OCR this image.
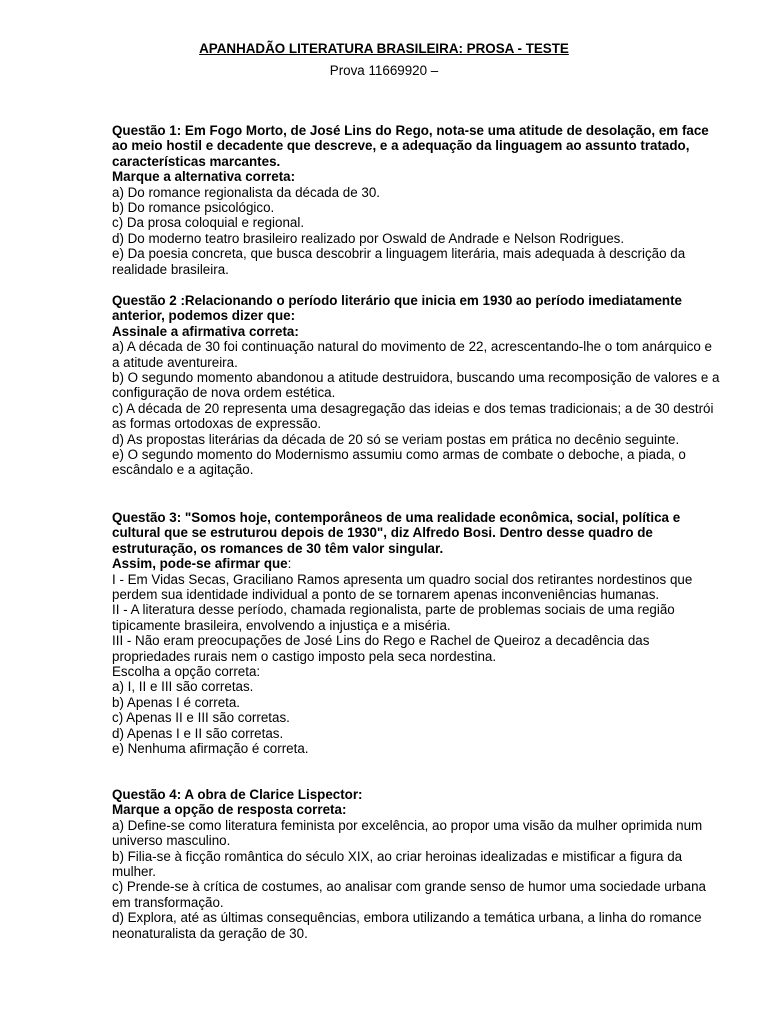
APANHADÃO LITERATURA BRASILEIRA: PROSA - TESTE
Prova 11669920 –
Questão 1: Em Fogo Morto, de José Lins do Rego, nota-se uma atitude de desolação, em face ao meio hostil e decadente que descreve, e a adequação da linguagem ao assunto tratado, características marcantes.
Marque a alternativa correta:
a) Do romance regionalista da década de 30.
b) Do romance psicológico.
c) Da prosa coloquial e regional.
d) Do moderno teatro brasileiro realizado por Oswald de Andrade e Nelson Rodrigues.
e) Da poesia concreta, que busca descobrir a linguagem literária, mais adequada à descrição da realidade brasileira.
Questão 2 :Relacionando o período literário que inicia em 1930 ao período imediatamente anterior, podemos dizer que:
Assinale a afirmativa correta:
a) A década de 30 foi continuação natural do movimento de 22, acrescentando-lhe o tom anárquico e a atitude aventureira.
b) O segundo momento abandonou a atitude destruidora, buscando uma recomposição de valores e a configuração de nova ordem estética.
c) A década de 20 representa uma desagregação das ideias e dos temas tradicionais; a de 30 destrói as formas ortodoxas de expressão.
d) As propostas literárias da década de 20 só se veriam postas em prática no decênio seguinte.
e) O segundo momento do Modernismo assumiu como armas de combate o deboche, a piada, o escândalo e a agitação.
Questão 3: "Somos hoje, contemporâneos de uma realidade econômica, social, política e cultural que se estruturou depois de 1930", diz Alfredo Bosi. Dentro desse quadro de estruturação, os romances de 30 têm valor singular.
Assim, pode-se afirmar que:
I - Em Vidas Secas, Graciliano Ramos apresenta um quadro social dos retirantes nordestinos que perdem sua identidade individual a ponto de se tornarem apenas inconveniências humanas.
II - A literatura desse período, chamada regionalista, parte de problemas sociais de uma região tipicamente brasileira, envolvendo a injustiça e a miséria.
III - Não eram preocupações de José Lins do Rego e Rachel de Queiroz a decadência das propriedades rurais nem o castigo imposto pela seca nordestina.
Escolha a opção correta:
a) I, II e III são corretas.
b) Apenas I é correta.
c) Apenas II e III são corretas.
d) Apenas I e II são corretas.
e) Nenhuma afirmação é correta.
Questão 4: A obra de Clarice Lispector:
Marque a opção de resposta correta:
a) Define-se como literatura feminista por excelência, ao propor uma visão da mulher oprimida num universo masculino.
b) Filia-se à ficção romântica do século XIX, ao criar heroinas idealizadas e mistificar a figura da mulher.
c) Prende-se à crítica de costumes, ao analisar com grande senso de humor uma sociedade urbana em transformação.
d) Explora, até as últimas consequências, embora utilizando a temática urbana, a linha do romance neonaturalista da geração de 30.
